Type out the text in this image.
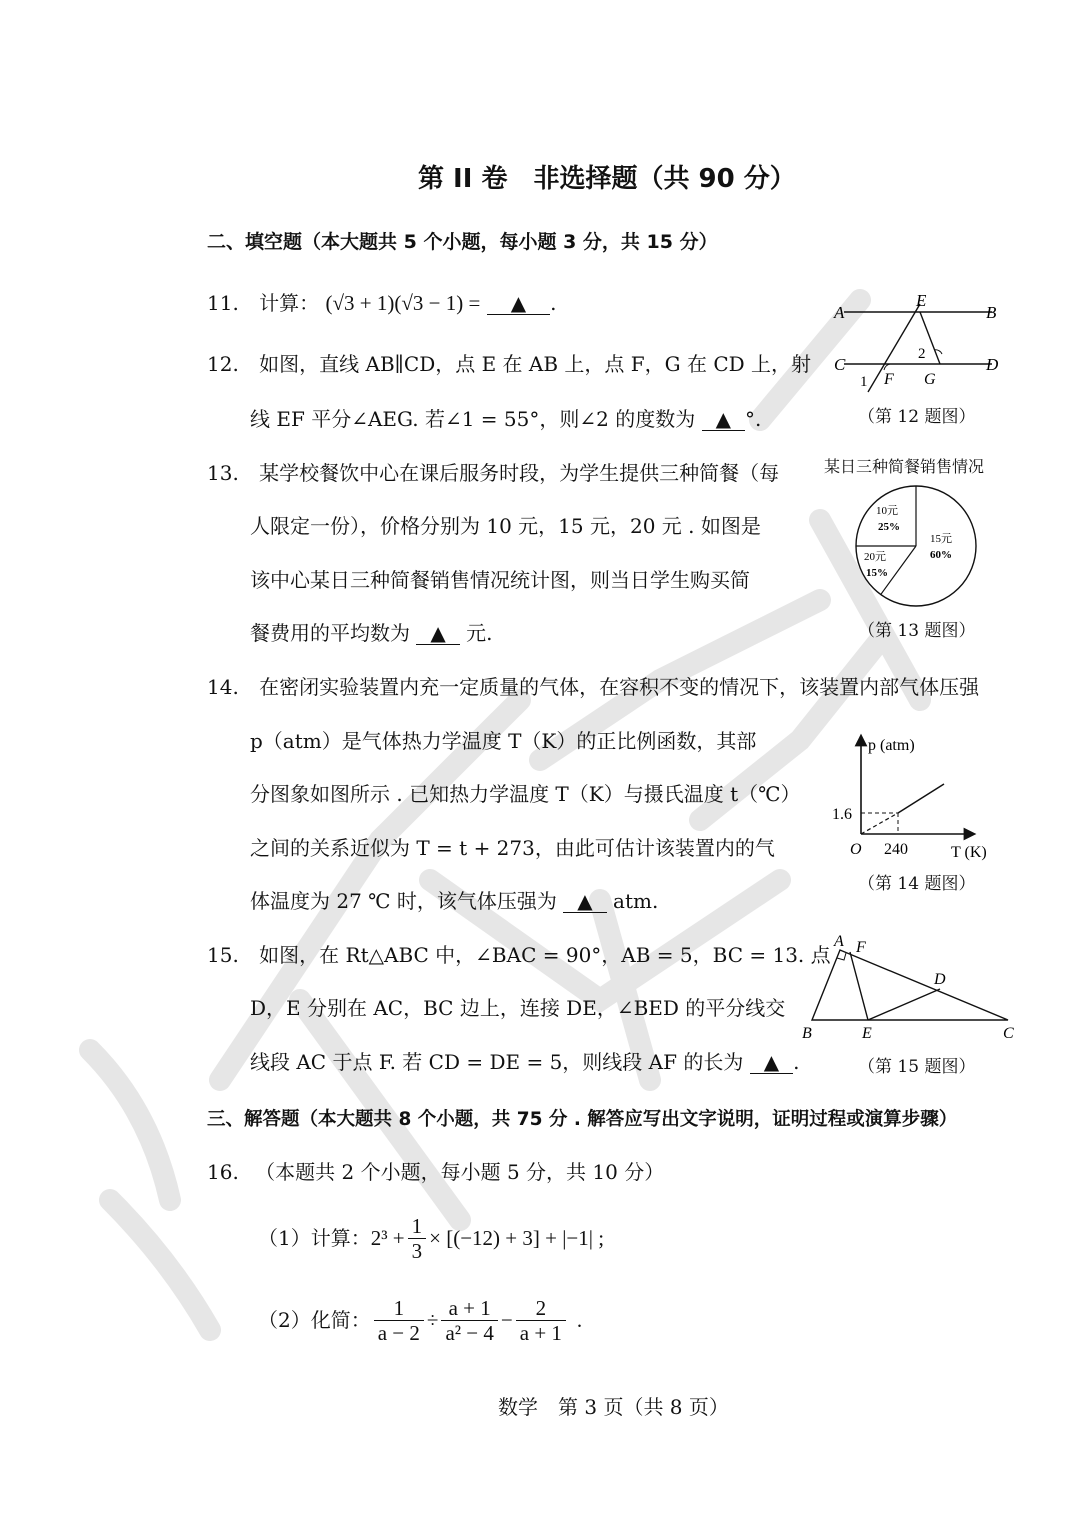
第 II 卷　非选择题（共 90 分）
二、填空题（本大题共 5 个小题，每小题 3 分，共 15 分）
11. 计算： (√3 + 1)(√3 − 1) = ▲ .
12. 如图，直线 AB∥CD，点 E 在 AB 上，点 F，G 在 CD 上，射
线 EF 平分∠AEG. 若∠1 = 55°，则∠2 的度数为 ▲ °.
A
E
B
C	D
F G
1
2
（第 12 题图）
13. 某学校餐饮中心在课后服务时段，为学生提供三种简餐（每
人限定一份），价格分别为 10 元，15 元，20 元 . 如图是
该中心某日三种简餐销售情况统计图，则当日学生购买简
餐费用的平均数为 ▲ 元.
某日三种简餐销售情况
10元
25%
15元
60%
20元
15%
（第 13 题图）
14. 在密闭实验装置内充一定质量的气体，在容积不变的情况下，该装置内部气体压强
p（atm）是气体热力学温度 T（K）的正比例函数，其部
分图象如图所示 . 已知热力学温度 T（K）与摄氏温度 t（℃）
之间的关系近似为 T = t + 273，由此可估计该装置内的气
体温度为 27 ℃ 时，该气体压强为 ▲ atm.
p (atm)
T (K)
O
1.6
240
（第 14 题图）
15. 如图，在 Rt△ABC 中，∠BAC = 90°，AB = 5，BC = 13. 点
D，E 分别在 AC，BC 边上，连接 DE，∠BED 的平分线交
线段 AC 于点 F. 若 CD = DE = 5，则线段 AF 的长为 ▲ .
A F
D
B	E	C
（第 15 题图）
三、解答题（本大题共 8 个小题，共 75 分 . 解答应写出文字说明，证明过程或演算步骤）
16. （本题共 2 个小题，每小题 5 分，共 10 分）
（1）计算： $2^3 + \frac{1}{3} \times [(-12) + 3] + |-1|$ ;
（2）化简： $\frac{1}{a - 2} \div \frac{a + 1}{\text{a² − 4}} - \frac{2}{a + 1}$ .
数学　第 3 页（共 8 页）
